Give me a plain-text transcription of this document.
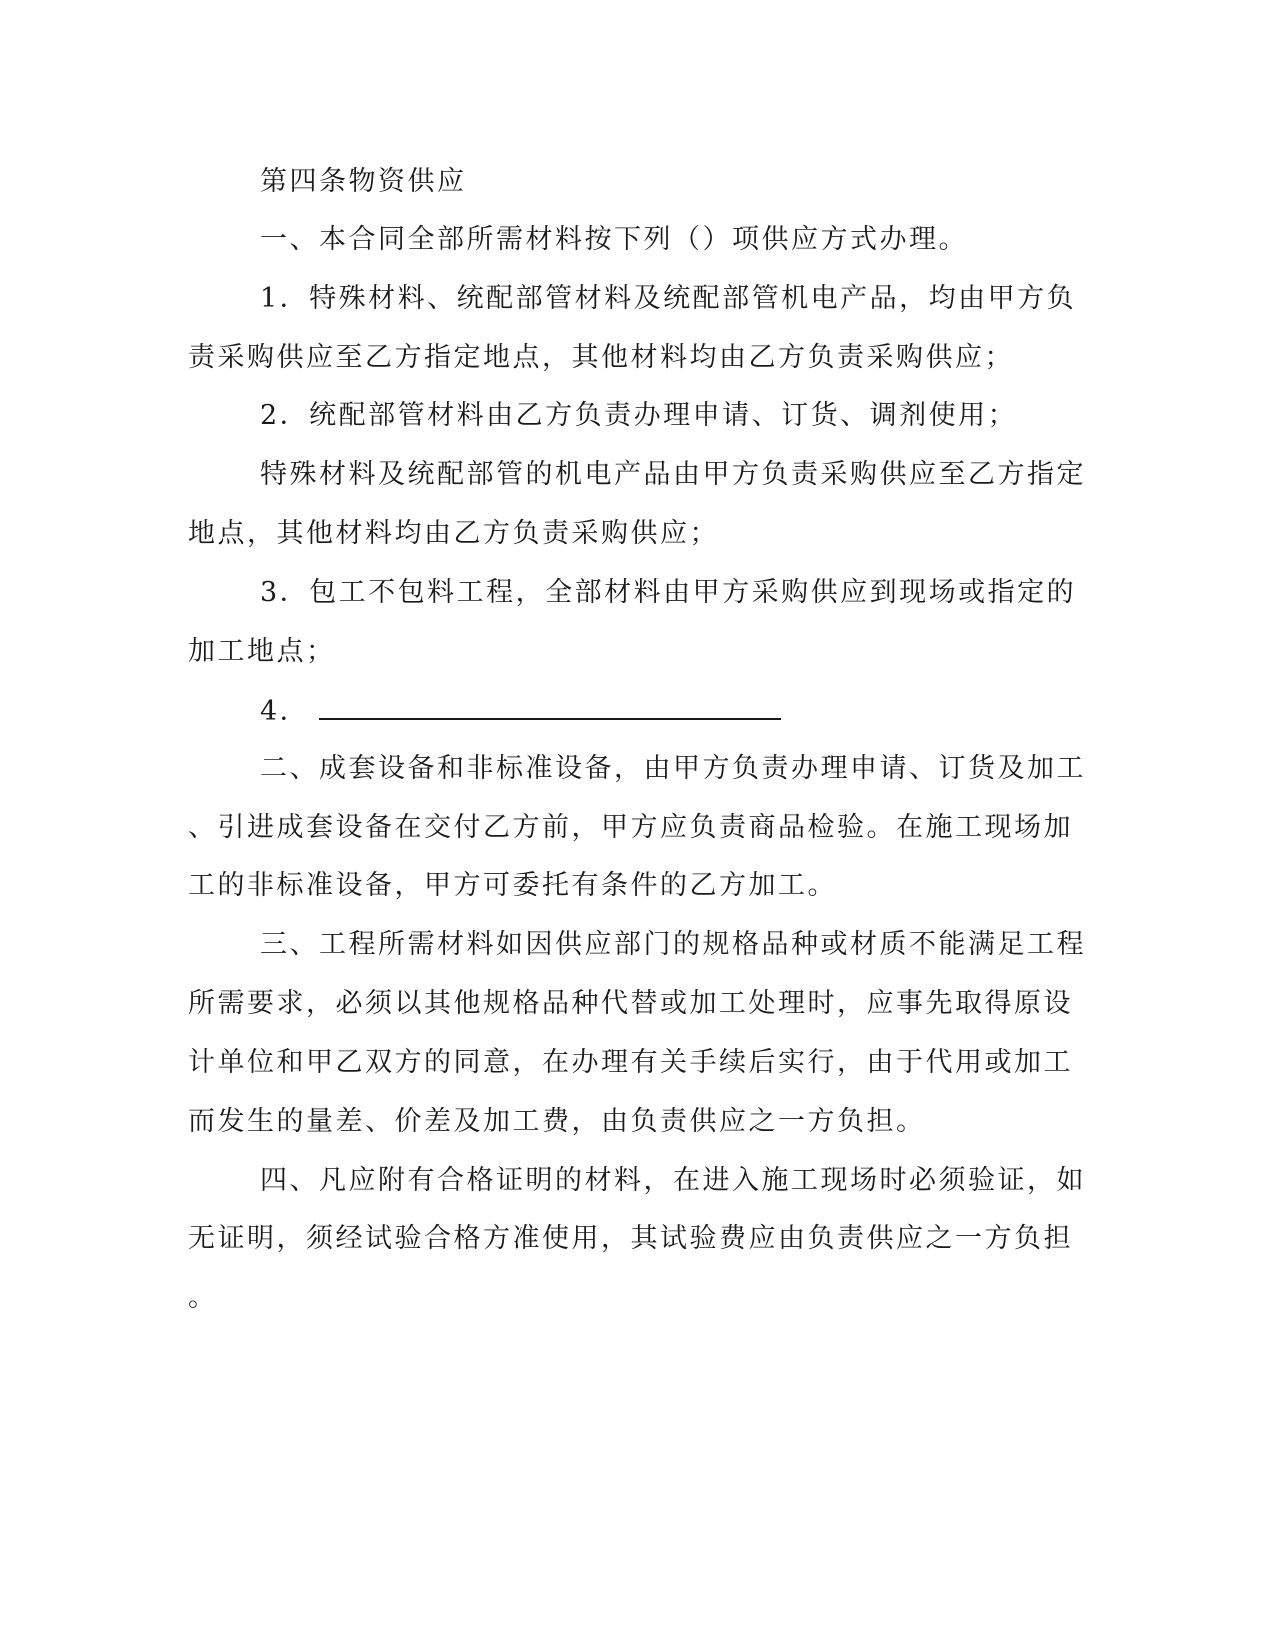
第四条物资供应
一、本合同全部所需材料按下列（）项供应方式办理。
1．特殊材料、统配部管材料及统配部管机电产品，均由甲方负
责采购供应至乙方指定地点，其他材料均由乙方负责采购供应；
2．统配部管材料由乙方负责办理申请、订货、调剂使用；
特殊材料及统配部管的机电产品由甲方负责采购供应至乙方指定
地点，其他材料均由乙方负责采购供应；
3．包工不包料工程，全部材料由甲方采购供应到现场或指定的
加工地点；
4．
二、成套设备和非标准设备，由甲方负责办理申请、订货及加工
、引进成套设备在交付乙方前，甲方应负责商品检验。在施工现场加
工的非标准设备，甲方可委托有条件的乙方加工。
三、工程所需材料如因供应部门的规格品种或材质不能满足工程
所需要求，必须以其他规格品种代替或加工处理时，应事先取得原设
计单位和甲乙双方的同意，在办理有关手续后实行，由于代用或加工
而发生的量差、价差及加工费，由负责供应之一方负担。
四、凡应附有合格证明的材料，在进入施工现场时必须验证，如
无证明，须经试验合格方准使用，其试验费应由负责供应之一方负担
。
